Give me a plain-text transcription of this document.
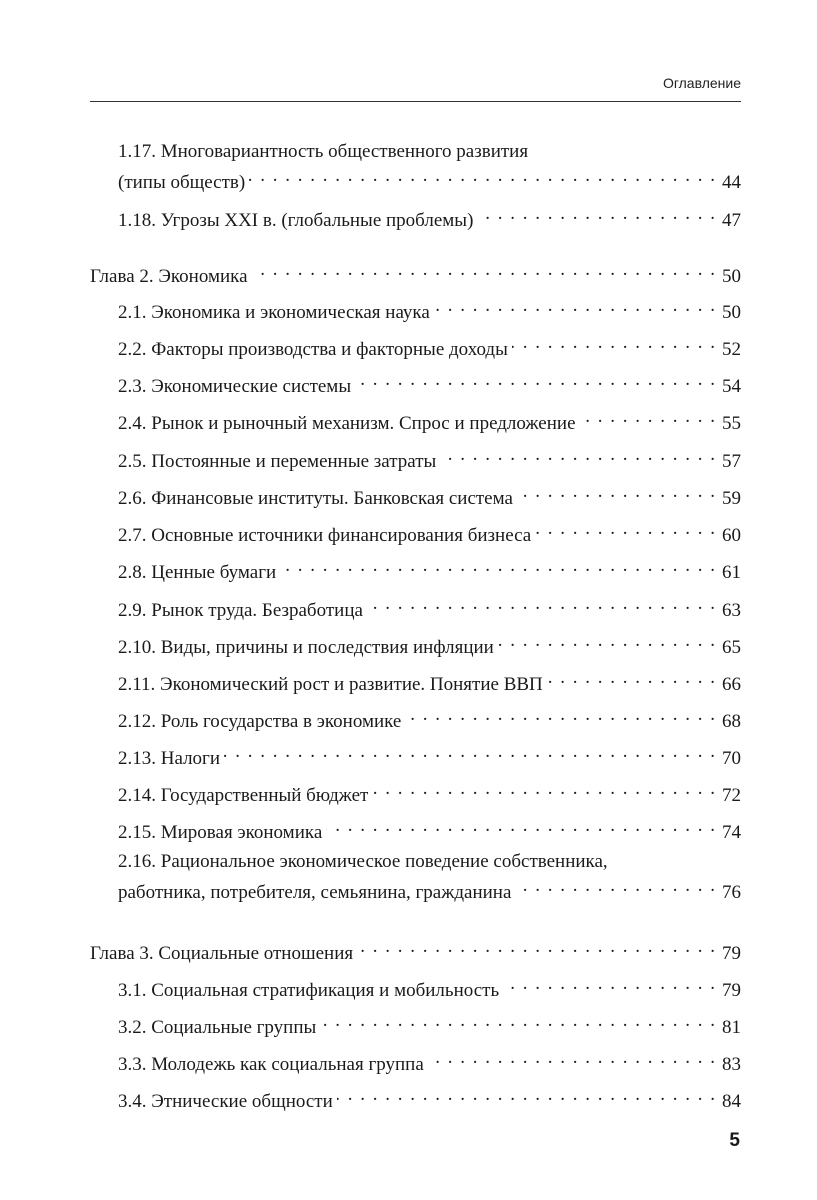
Оглавление
1.17. Многовариантность общественного развития
(типы обществ) . . .	44
1.18. Угрозы XXI в. (глобальные проблемы) . . .	47
Глава 2. Экономика . . .	50
2.1. Экономика и экономическая наука . . .	50
2.2. Факторы производства и факторные доходы . . .	52
2.3. Экономические системы . . .	54
2.4. Рынок и рыночный механизм. Спрос и предложение . . .	55
2.5. Постоянные и переменные затраты . . .	57
2.6. Финансовые институты. Банковская система . . .	59
2.7. Основные источники финансирования бизнеса . . .	60
2.8. Ценные бумаги . . .	61
2.9. Рынок труда. Безработица . . .	63
2.10. Виды, причины и последствия инфляции . . .	65
2.11. Экономический рост и развитие. Понятие ВВП . . .	66
2.12. Роль государства в экономике . . .	68
2.13. Налоги . . .	70
2.14. Государственный бюджет . . .	72
2.15. Мировая экономика . . .	74
2.16. Рациональное экономическое поведение собственника,
работника, потребителя, семьянина, гражданина . . .	76
Глава 3. Социальные отношения . . .	79
3.1. Социальная стратификация и мобильность . . .	79
3.2. Социальные группы . . .	81
3.3. Молодежь как социальная группа . . .	83
3.4. Этнические общности . . .	84
5
